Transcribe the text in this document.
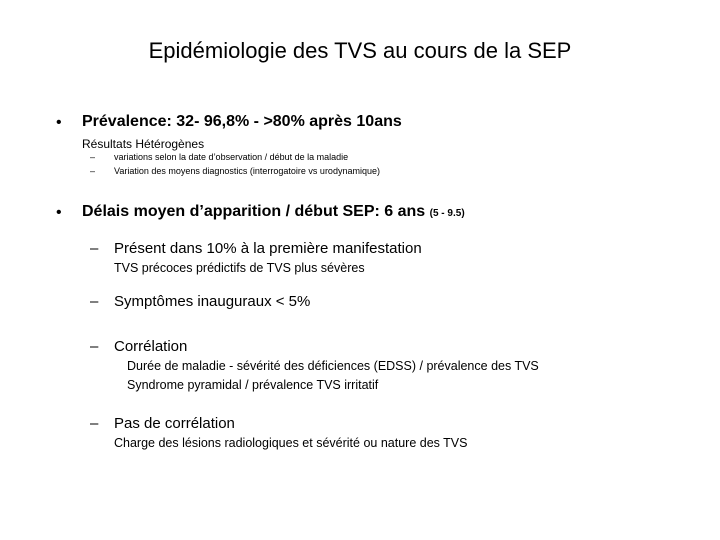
Epidémiologie des TVS au cours de la SEP
• Prévalence: 32- 96,8% - >80% après 10ans
Résultats Hétérogènes
– variations selon la date d’observation / début de la maladie
– Variation des moyens diagnostics (interrogatoire vs urodynamique)
• Délais moyen d’apparition / début SEP: 6 ans (5 - 9.5)
– Présent dans 10% à la première manifestation
TVS précoces prédictifs de TVS plus sévères
– Symptômes inauguraux < 5%
– Corrélation
Durée de maladie - sévérité des déficiences (EDSS) / prévalence des TVS
Syndrome pyramidal / prévalence TVS irritatif
– Pas de corrélation
Charge des lésions radiologiques et sévérité ou nature des TVS
